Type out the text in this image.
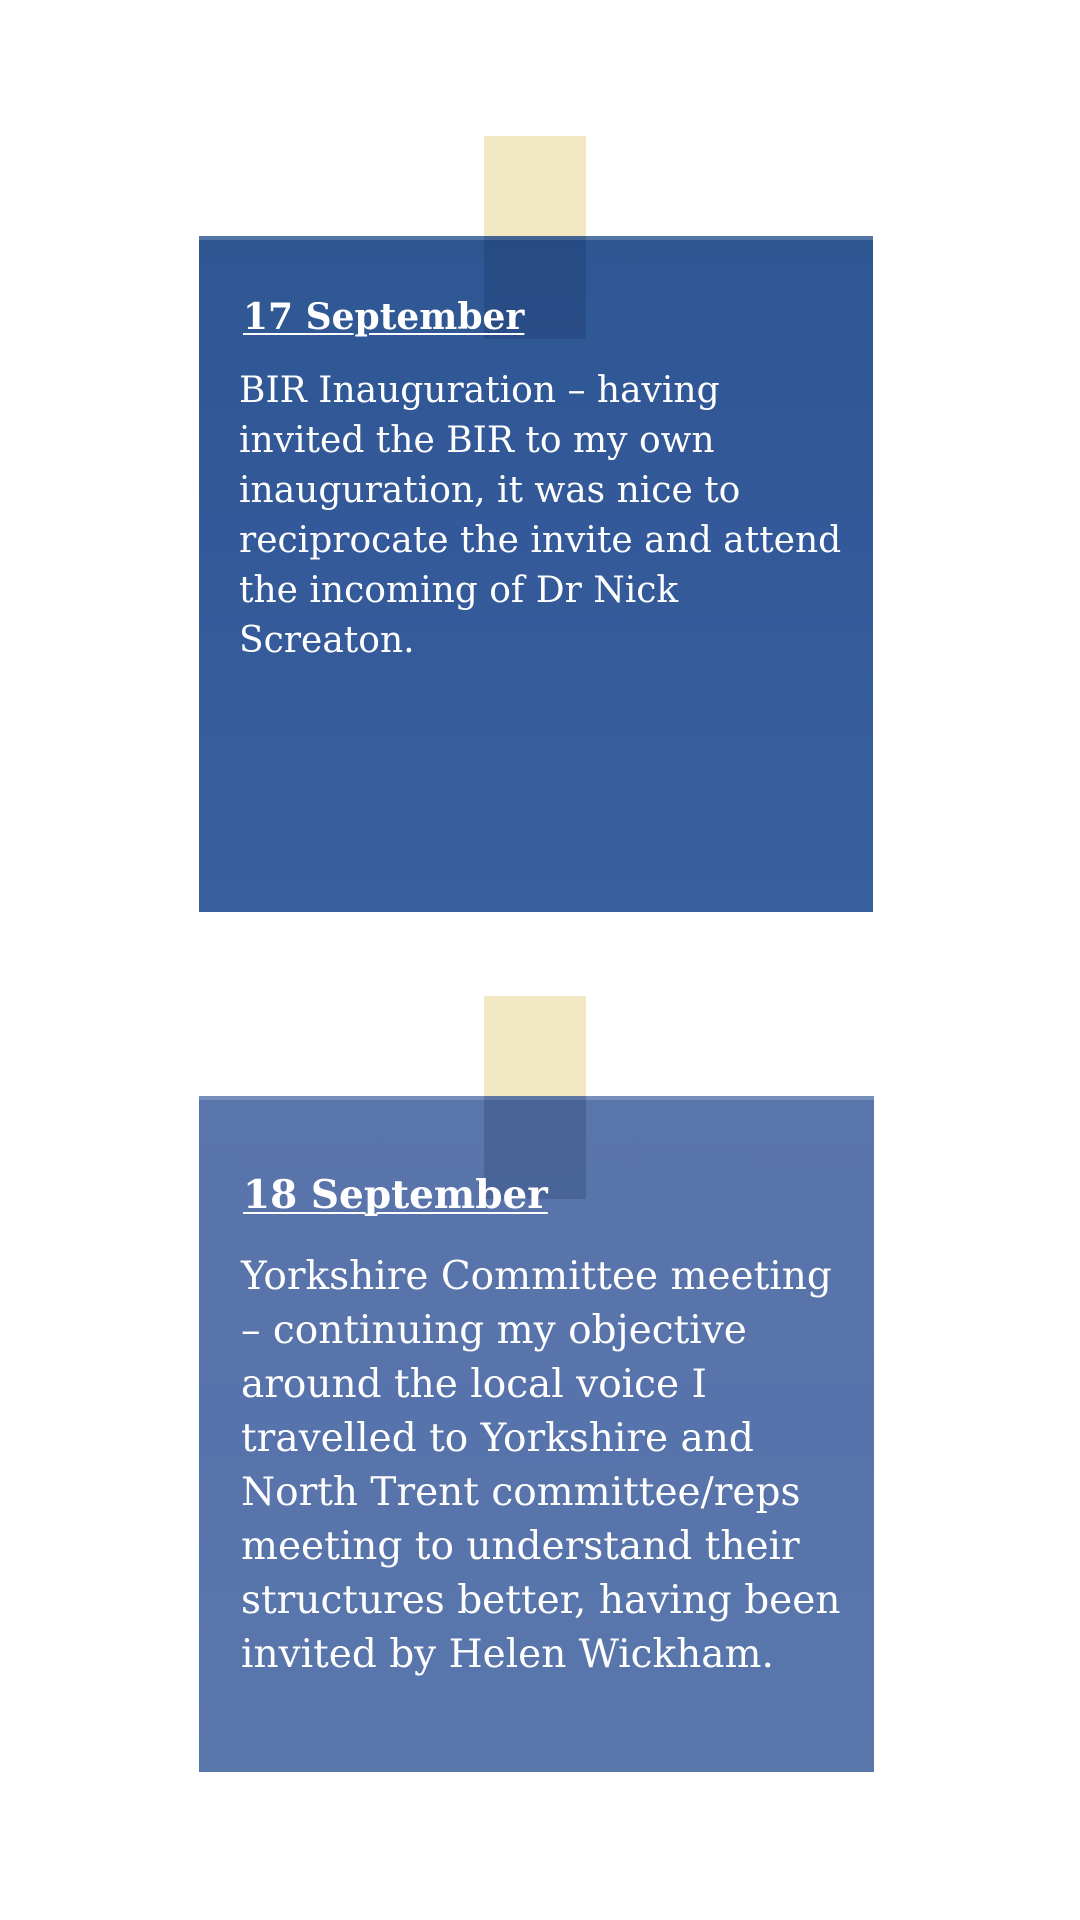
17 September

BIR Inauguration – having invited the BIR to my own inauguration, it was nice to reciprocate the invite and attend the incoming of Dr Nick Screaton.

18 September

Yorkshire Committee meeting – continuing my objective around the local voice I travelled to Yorkshire and North Trent committee/reps meeting to understand their structures better, having been invited by Helen Wickham.
